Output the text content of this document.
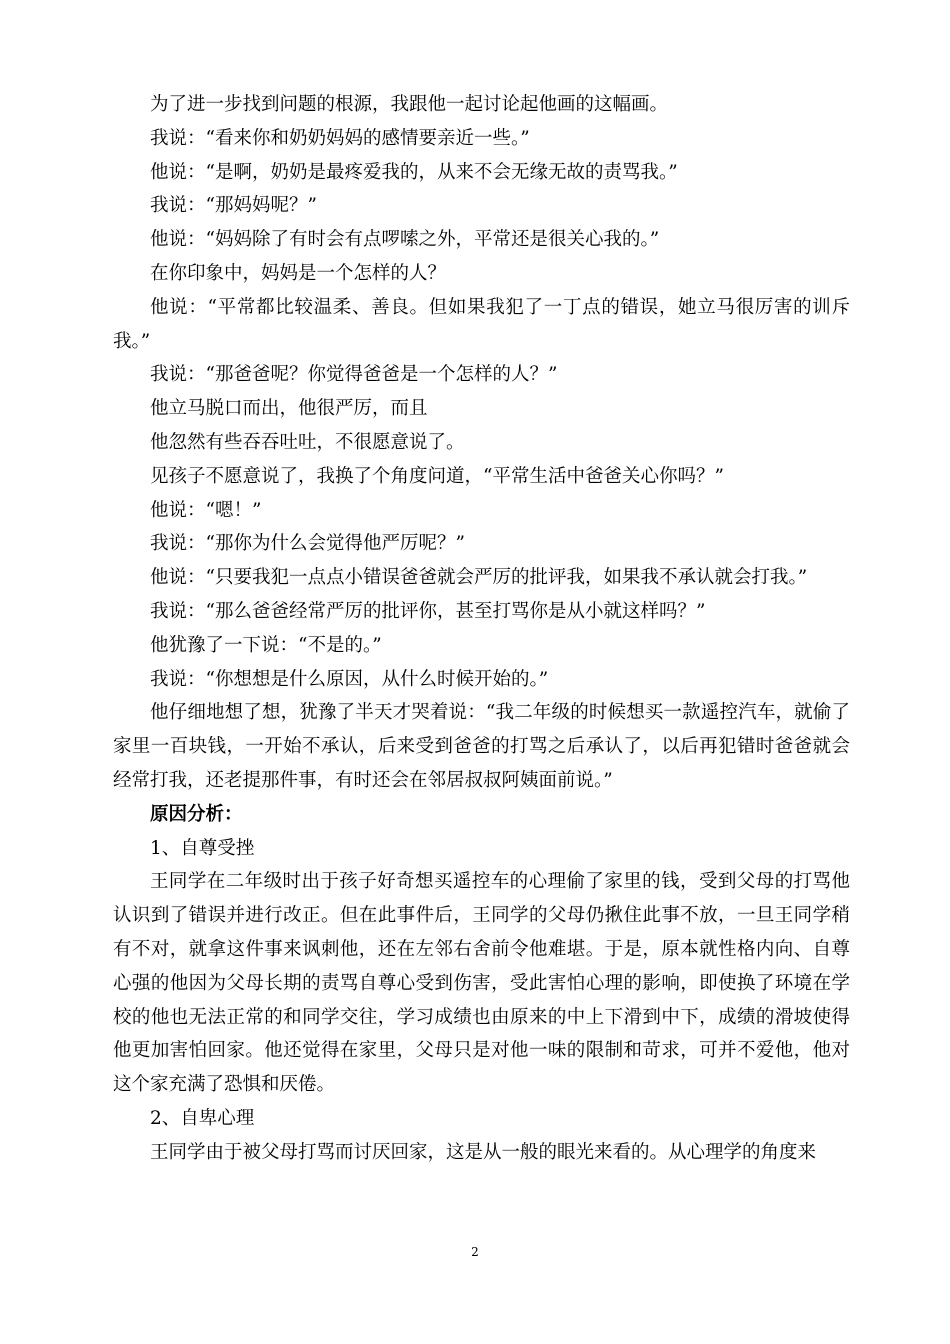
为了进一步找到问题的根源，我跟他一起讨论起他画的这幅画。

我说：“看来你和奶奶妈妈的感情要亲近一些。”

他说：“是啊，奶奶是最疼爱我的，从来不会无缘无故的责骂我。”

我说：“那妈妈呢？”

他说：“妈妈除了有时会有点啰嗦之外，平常还是很关心我的。”

在你印象中，妈妈是一个怎样的人？

他说：“平常都比较温柔、善良。但如果我犯了一丁点的错误，她立马很厉害的训斥我。”

我说：“那爸爸呢？你觉得爸爸是一个怎样的人？”

他立马脱口而出，他很严厉，而且

他忽然有些吞吞吐吐，不很愿意说了。

见孩子不愿意说了，我换了个角度问道，“平常生活中爸爸关心你吗？”

他说：“嗯！”

我说：“那你为什么会觉得他严厉呢？”

他说：“只要我犯一点点小错误爸爸就会严厉的批评我，如果我不承认就会打我。”

我说：“那么爸爸经常严厉的批评你，甚至打骂你是从小就这样吗？”

他犹豫了一下说：“不是的。”

我说：“你想想是什么原因，从什么时候开始的。”

他仔细地想了想，犹豫了半天才哭着说：“我二年级的时候想买一款遥控汽车，就偷了家里一百块钱，一开始不承认，后来受到爸爸的打骂之后承认了，以后再犯错时爸爸就会经常打我，还老提那件事，有时还会在邻居叔叔阿姨面前说。”

原因分析：

1、自尊受挫

王同学在二年级时出于孩子好奇想买遥控车的心理偷了家里的钱，受到父母的打骂他认识到了错误并进行改正。但在此事件后，王同学的父母仍揪住此事不放，一旦王同学稍有不对，就拿这件事来讽刺他，还在左邻右舍前令他难堪。于是，原本就性格内向、自尊心强的他因为父母长期的责骂自尊心受到伤害，受此害怕心理的影响，即使换了环境在学校的他也无法正常的和同学交往，学习成绩也由原来的中上下滑到中下，成绩的滑坡使得他更加害怕回家。他还觉得在家里，父母只是对他一味的限制和苛求，可并不爱他，他对这个家充满了恐惧和厌倦。

2、自卑心理

王同学由于被父母打骂而讨厌回家，这是从一般的眼光来看的。从心理学的角度来

2
